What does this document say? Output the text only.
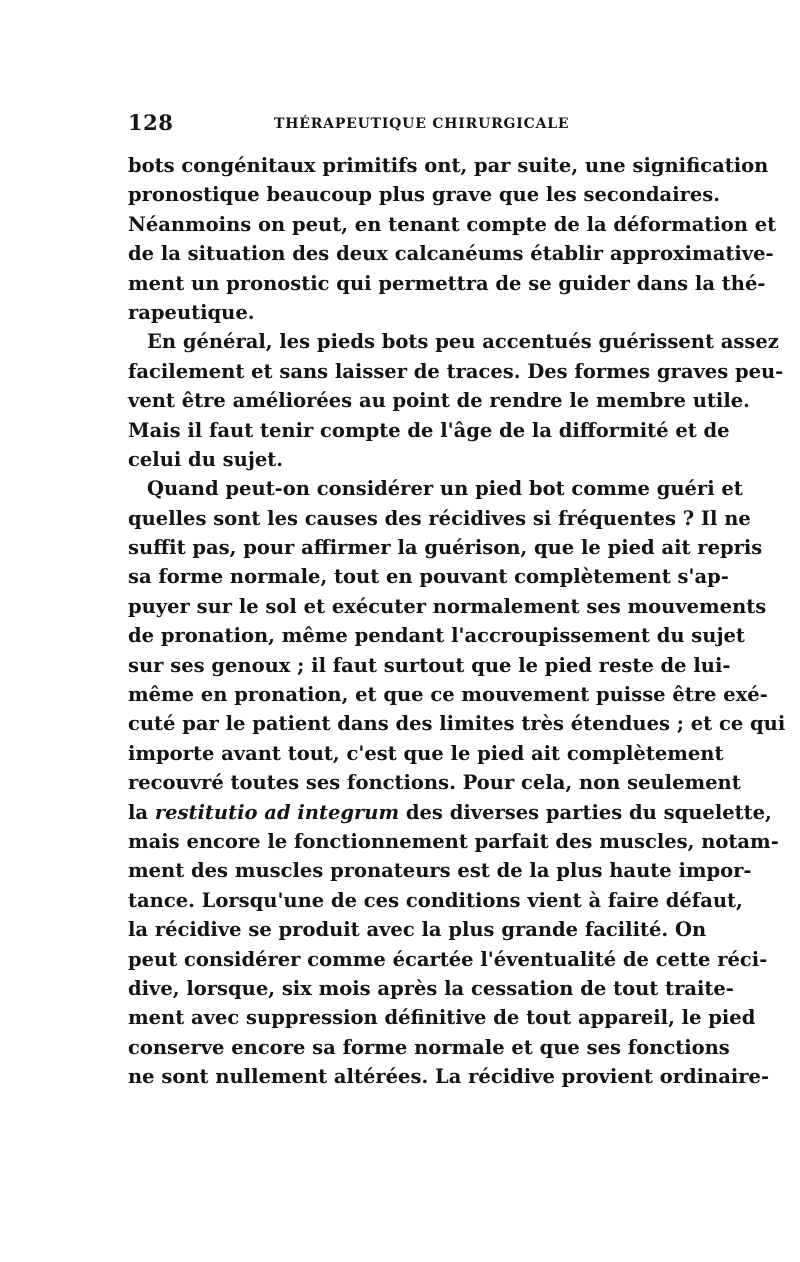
128	THÉRAPEUTIQUE CHIRURGICALE
bots congénitaux primitifs ont, par suite, une signification
pronostique beaucoup plus grave que les secondaires.
Néanmoins on peut, en tenant compte de la déformation et
de la situation des deux calcanéums établir approximative-
ment un pronostic qui permettra de se guider dans la thé-
rapeutique.
En général, les pieds bots peu accentués guérissent assez
facilement et sans laisser de traces. Des formes graves peu-
vent être améliorées au point de rendre le membre utile.
Mais il faut tenir compte de l'âge de la difformité et de
celui du sujet.
Quand peut-on considérer un pied bot comme guéri et
quelles sont les causes des récidives si fréquentes ? Il ne
suffit pas, pour affirmer la guérison, que le pied ait repris
sa forme normale, tout en pouvant complètement s'ap-
puyer sur le sol et exécuter normalement ses mouvements
de pronation, même pendant l'accroupissement du sujet
sur ses genoux ; il faut surtout que le pied reste de lui-
même en pronation, et que ce mouvement puisse être exé-
cuté par le patient dans des limites très étendues ; et ce qui
importe avant tout, c'est que le pied ait complètement
recouvré toutes ses fonctions. Pour cela, non seulement
la restitutio ad integrum des diverses parties du squelette,
mais encore le fonctionnement parfait des muscles, notam-
ment des muscles pronateurs est de la plus haute impor-
tance. Lorsqu'une de ces conditions vient à faire défaut,
la récidive se produit avec la plus grande facilité. On
peut considérer comme écartée l'éventualité de cette réci-
dive, lorsque, six mois après la cessation de tout traite-
ment avec suppression définitive de tout appareil, le pied
conserve encore sa forme normale et que ses fonctions
ne sont nullement altérées. La récidive provient ordinaire-
